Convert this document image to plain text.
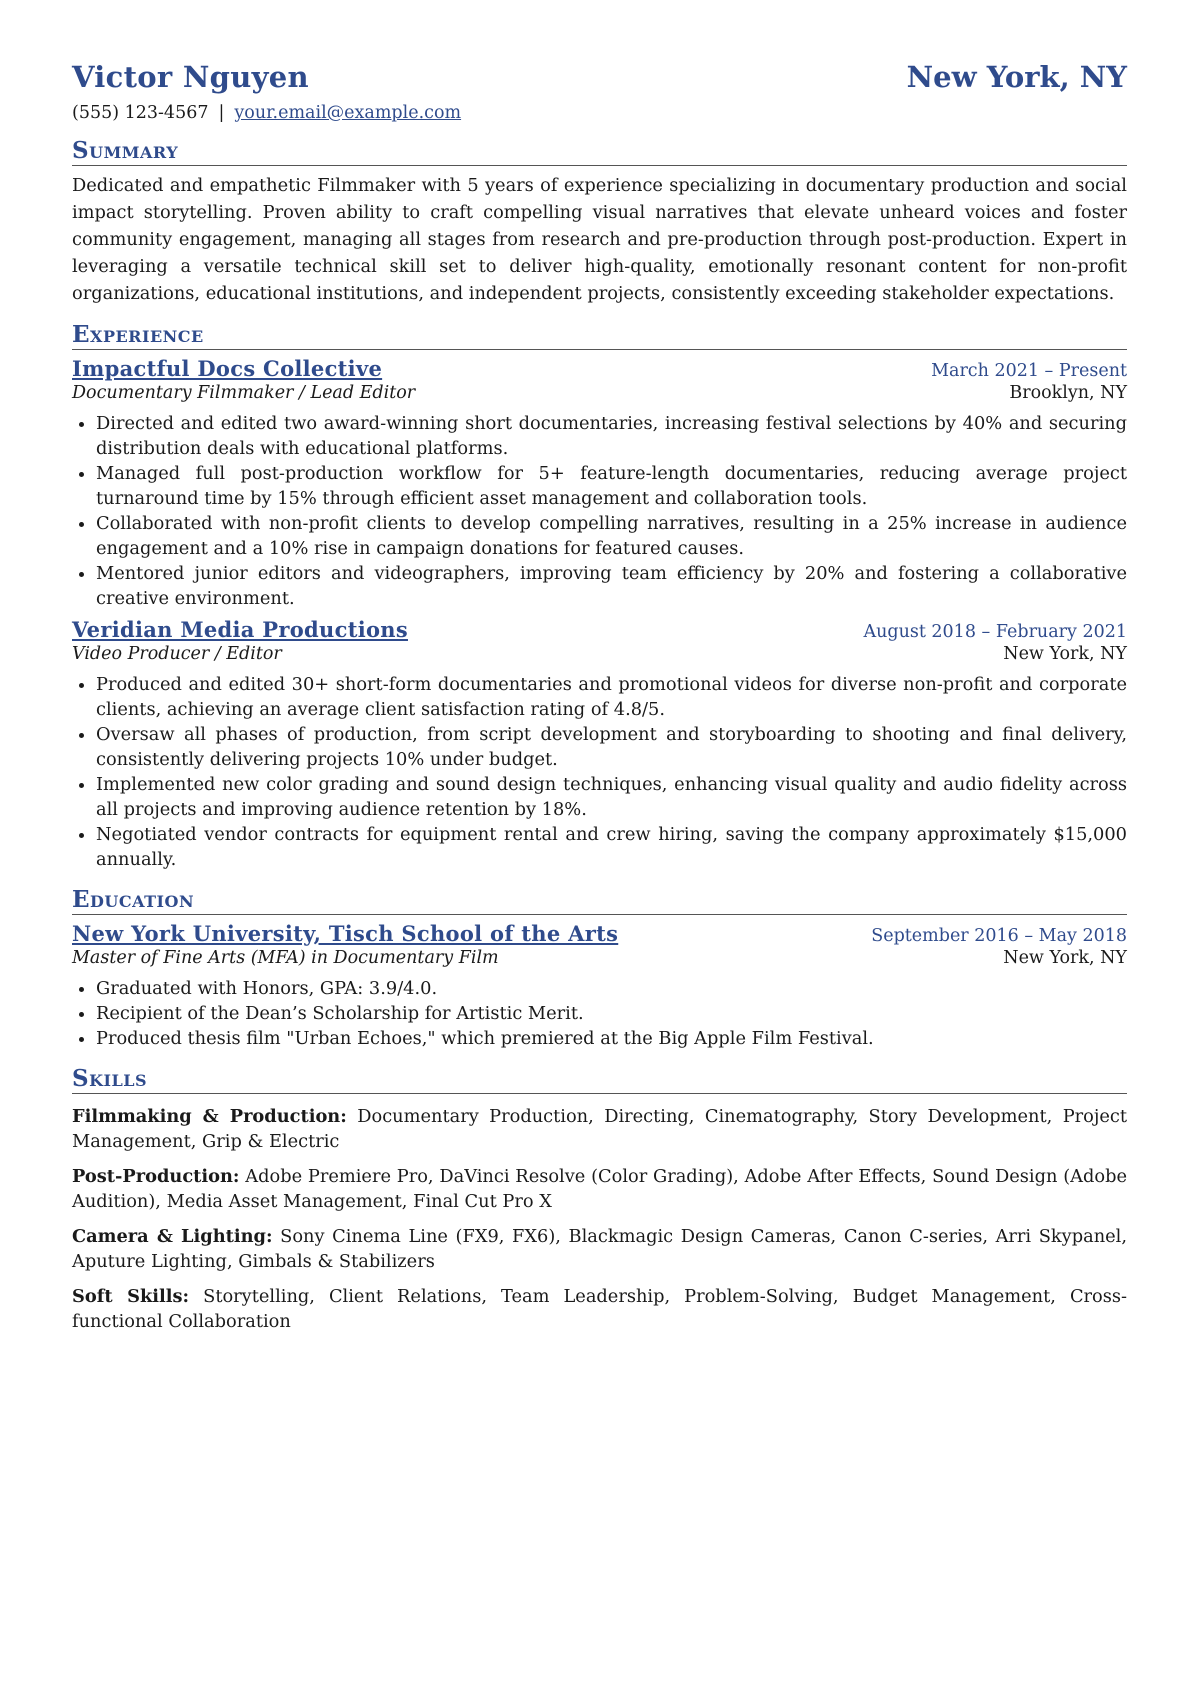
Victor Nguyen	New York, NY
(555) 123-4567 | your.email@example.com
Summary
Dedicated and empathetic Filmmaker with 5 years of experience specializing in documentary production and social impact storytelling. Proven ability to craft compelling visual narratives that elevate unheard voices and foster community engagement, managing all stages from research and pre-production through post-production. Expert in leveraging a versatile technical skill set to deliver high-quality, emotionally resonant content for non-profit organizations, educational institutions, and independent projects, consistently exceeding stakeholder expectations.
Experience
Impactful Docs Collective	March 2021 – Present
Documentary Filmmaker / Lead Editor	Brooklyn, NY
• Directed and edited two award-winning short documentaries, increasing festival selections by 40% and securing distribution deals with educational platforms.
• Managed full post-production workflow for 5+ feature-length documentaries, reducing average project turnaround time by 15% through efficient asset management and collaboration tools.
• Collaborated with non-profit clients to develop compelling narratives, resulting in a 25% increase in audience engagement and a 10% rise in campaign donations for featured causes.
• Mentored junior editors and videographers, improving team efficiency by 20% and fostering a collaborative creative environment.
Veridian Media Productions	August 2018 – February 2021
Video Producer / Editor	New York, NY
• Produced and edited 30+ short-form documentaries and promotional videos for diverse non-profit and corporate clients, achieving an average client satisfaction rating of 4.8/5.
• Oversaw all phases of production, from script development and storyboarding to shooting and final delivery, consistently delivering projects 10% under budget.
• Implemented new color grading and sound design techniques, enhancing visual quality and audio fidelity across all projects and improving audience retention by 18%.
• Negotiated vendor contracts for equipment rental and crew hiring, saving the company approximately $15,000 annually.
Education
New York University, Tisch School of the Arts	September 2016 – May 2018
Master of Fine Arts (MFA) in Documentary Film	New York, NY
• Graduated with Honors, GPA: 3.9/4.0.
• Recipient of the Dean’s Scholarship for Artistic Merit.
• Produced thesis film "Urban Echoes," which premiered at the Big Apple Film Festival.
Skills
Filmmaking & Production: Documentary Production, Directing, Cinematography, Story Development, Project Management, Grip & Electric
Post-Production: Adobe Premiere Pro, DaVinci Resolve (Color Grading), Adobe After Effects, Sound Design (Adobe Audition), Media Asset Management, Final Cut Pro X
Camera & Lighting: Sony Cinema Line (FX9, FX6), Blackmagic Design Cameras, Canon C-series, Arri Skypanel, Aputure Lighting, Gimbals & Stabilizers
Soft Skills: Storytelling, Client Relations, Team Leadership, Problem-Solving, Budget Management, Cross-functional Collaboration
